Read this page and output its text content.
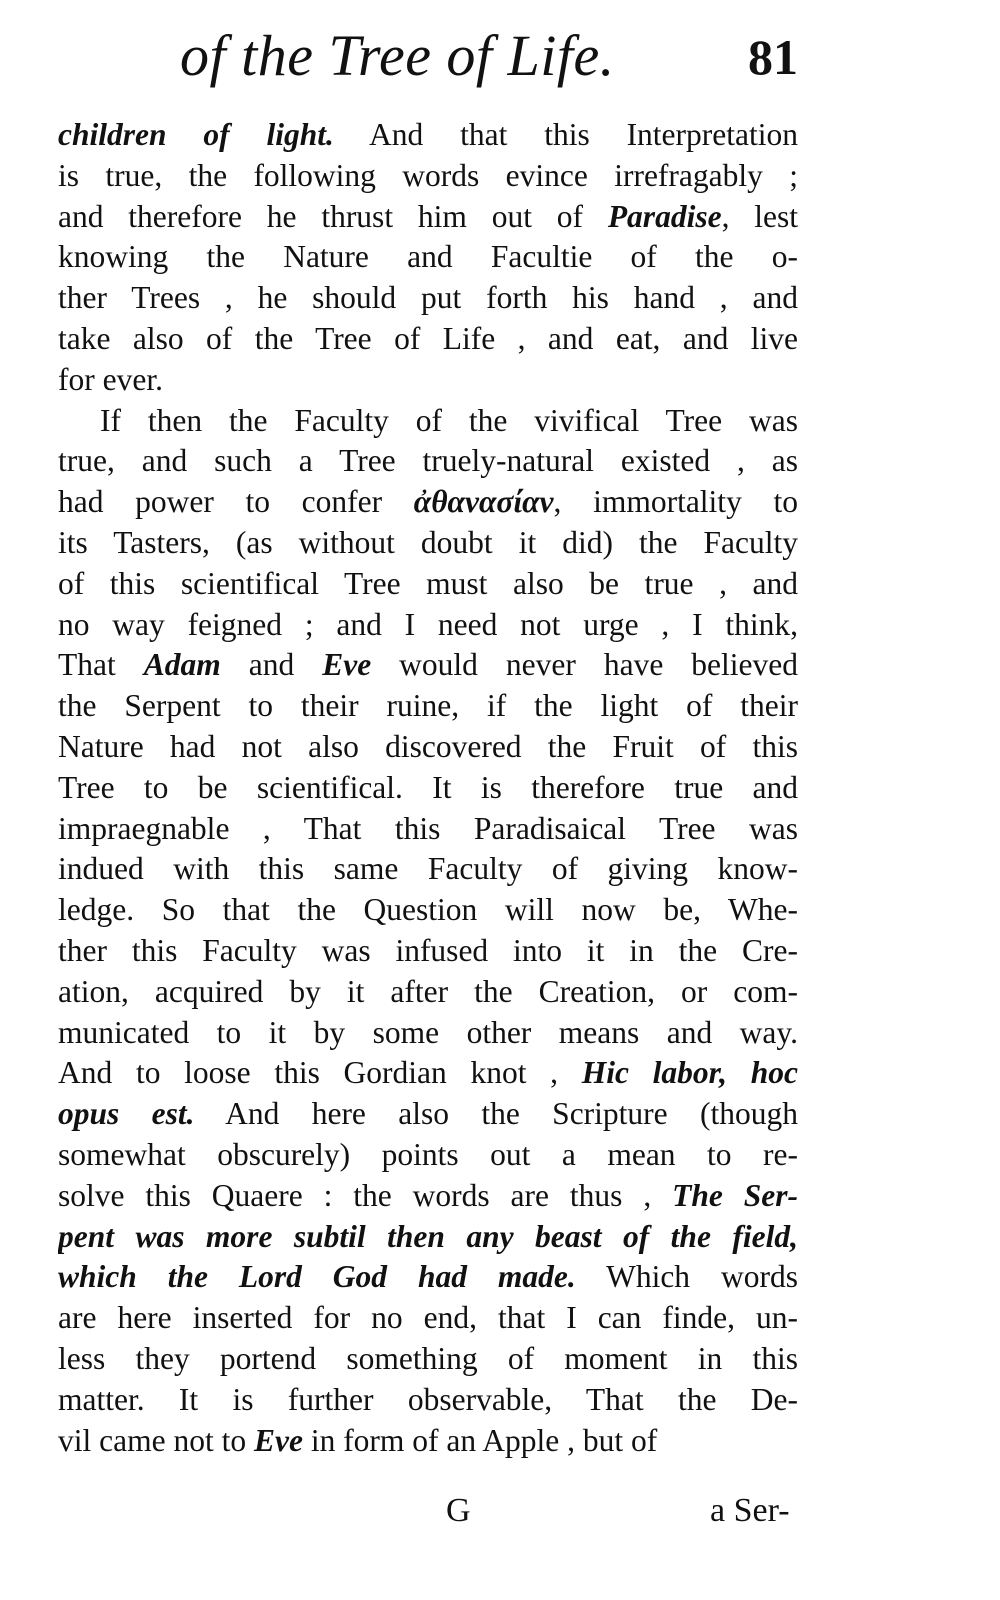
of the Tree of Life.	81
children of light. And that this Interpretation
is true, the following words evince irrefragably ;
and therefore he thrust him out of Paradise, lest
knowing the Nature and Facultie of the o-
ther Trees , he should put forth his hand , and
take also of the Tree of Life , and eat, and live
for ever.
If then the Faculty of the vivifical Tree was
true, and such a Tree truely-natural existed , as
had power to confer ἀθανασίαν, immortality to
its Tasters, (as without doubt it did) the Faculty
of this scientifical Tree must also be true , and
no way feigned ; and I need not urge , I think,
That Adam and Eve would never have believed
the Serpent to their ruine, if the light of their
Nature had not also discovered the Fruit of this
Tree to be scientifical. It is therefore true and
impraegnable , That this Paradisaical Tree was
indued with this same Faculty of giving know-
ledge. So that the Question will now be, Whe-
ther this Faculty was infused into it in the Cre-
ation, acquired by it after the Creation, or com-
municated to it by some other means and way.
And to loose this Gordian knot , Hic labor, hoc
opus est. And here also the Scripture (though
somewhat obscurely) points out a mean to re-
solve this Quaere : the words are thus , The Ser-
pent was more subtil then any beast of the field,
which the Lord God had made. Which words
are here inserted for no end, that I can finde, un-
less they portend something of moment in this
matter. It is further observable, That the De-
vil came not to Eve in form of an Apple , but of
G	a Ser-
